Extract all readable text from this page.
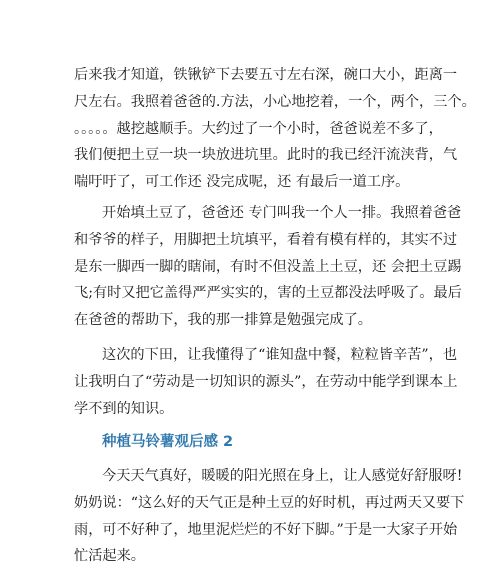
后来我才知道，铁锹铲下去要五寸左右深，碗口大小，距离一
尺左右。我照着爸爸的.方法，小心地挖着，一个，两个，三个。
。。。。。越挖越顺手。大约过了一个小时，爸爸说差不多了，
我们便把土豆一块一块放进坑里。此时的我已经汗流浃背，气
喘吁吁了，可工作还 没完成呢，还 有最后一道工序。
开始填土豆了，爸爸还 专门叫我一个人一排。我照着爸爸
和爷爷的样子，用脚把土坑填平，看着有模有样的，其实不过
是东一脚西一脚的瞎闹，有时不但没盖上土豆，还 会把土豆踢
飞;有时又把它盖得严严实实的，害的土豆都没法呼吸了。最后
在爸爸的帮助下，我的那一排算是勉强完成了。
这次的下田，让我懂得了“谁知盘中餐，粒粒皆辛苦”，也
让我明白了“劳动是一切知识的源头”，在劳动中能学到课本上
学不到的知识。
种植马铃薯观后感 2
今天天气真好，暖暖的阳光照在身上，让人感觉好舒服呀!
奶奶说：“这么好的天气正是种土豆的好时机，再过两天又要下
雨，可不好种了，地里泥烂烂的不好下脚。”于是一大家子开始
忙活起来。
